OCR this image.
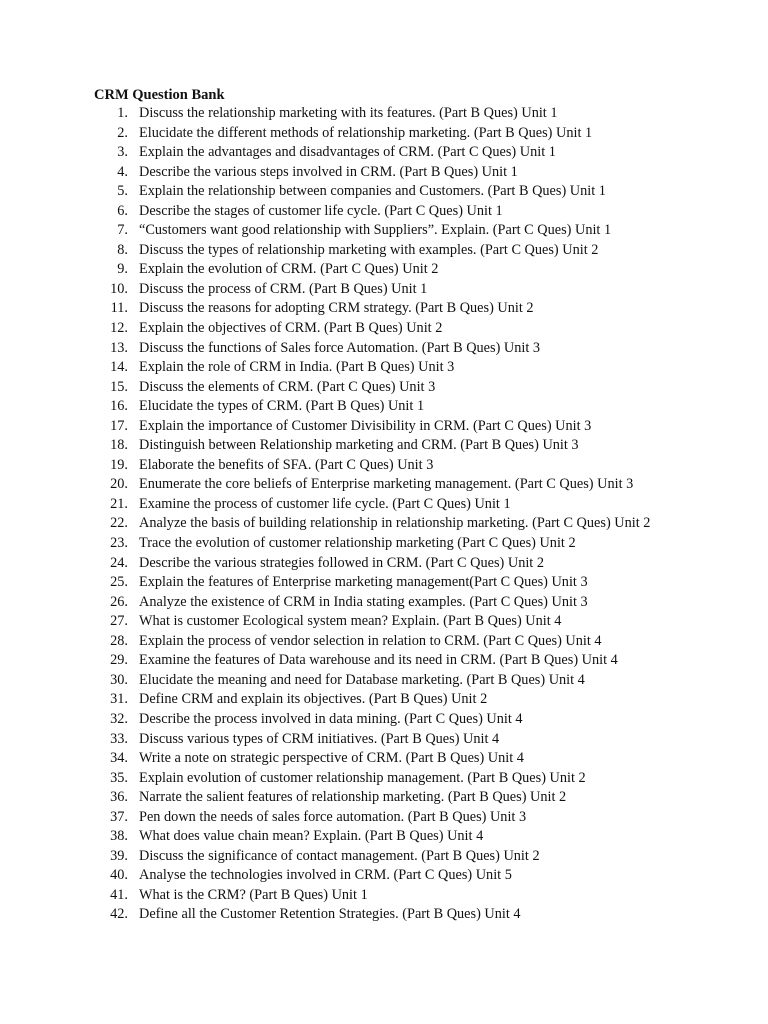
CRM Question Bank
1. Discuss the relationship marketing with its features. (Part B Ques) Unit 1
2. Elucidate the different methods of relationship marketing. (Part B Ques) Unit 1
3. Explain the advantages and disadvantages of CRM. (Part C Ques) Unit 1
4. Describe the various steps involved in CRM. (Part B Ques) Unit 1
5. Explain the relationship between companies and Customers. (Part B Ques) Unit 1
6. Describe the stages of customer life cycle. (Part C Ques) Unit 1
7. “Customers want good relationship with Suppliers”. Explain. (Part C Ques) Unit 1
8. Discuss the types of relationship marketing with examples. (Part C Ques) Unit 2
9. Explain the evolution of CRM. (Part C Ques) Unit 2
10. Discuss the process of CRM. (Part B Ques) Unit 1
11. Discuss the reasons for adopting CRM strategy. (Part B Ques) Unit 2
12. Explain the objectives of CRM. (Part B Ques) Unit 2
13. Discuss the functions of Sales force Automation. (Part B Ques) Unit 3
14. Explain the role of CRM in India. (Part B Ques) Unit 3
15. Discuss the elements of CRM. (Part C Ques) Unit 3
16. Elucidate the types of CRM. (Part B Ques) Unit 1
17. Explain the importance of Customer Divisibility in CRM. (Part C Ques) Unit 3
18. Distinguish between Relationship marketing and CRM. (Part B Ques) Unit 3
19. Elaborate the benefits of SFA. (Part C Ques) Unit 3
20. Enumerate the core beliefs of Enterprise marketing management. (Part C Ques) Unit 3
21. Examine the process of customer life cycle. (Part C Ques) Unit 1
22. Analyze the basis of building relationship in relationship marketing. (Part C Ques) Unit 2
23. Trace the evolution of customer relationship marketing (Part C Ques) Unit 2
24. Describe the various strategies followed in CRM. (Part C Ques) Unit 2
25. Explain the features of Enterprise marketing management(Part C Ques) Unit 3
26. Analyze the existence of CRM in India stating examples. (Part C Ques) Unit 3
27. What is customer Ecological system mean? Explain. (Part B Ques) Unit 4
28. Explain the process of vendor selection in relation to CRM. (Part C Ques) Unit 4
29. Examine the features of Data warehouse and its need in CRM. (Part B Ques) Unit 4
30. Elucidate the meaning and need for Database marketing. (Part B Ques) Unit 4
31. Define CRM and explain its objectives. (Part B Ques) Unit 2
32. Describe the process involved in data mining. (Part C Ques) Unit 4
33. Discuss various types of CRM initiatives. (Part B Ques) Unit 4
34. Write a note on strategic perspective of CRM. (Part B Ques) Unit 4
35. Explain evolution of customer relationship management. (Part B Ques) Unit 2
36. Narrate the salient features of relationship marketing. (Part B Ques) Unit 2
37. Pen down the needs of sales force automation. (Part B Ques) Unit 3
38. What does value chain mean? Explain. (Part B Ques) Unit 4
39. Discuss the significance of contact management. (Part B Ques) Unit 2
40. Analyse the technologies involved in CRM. (Part C Ques) Unit 5
41. What is the CRM? (Part B Ques) Unit 1
42. Define all the Customer Retention Strategies. (Part B Ques) Unit 4
